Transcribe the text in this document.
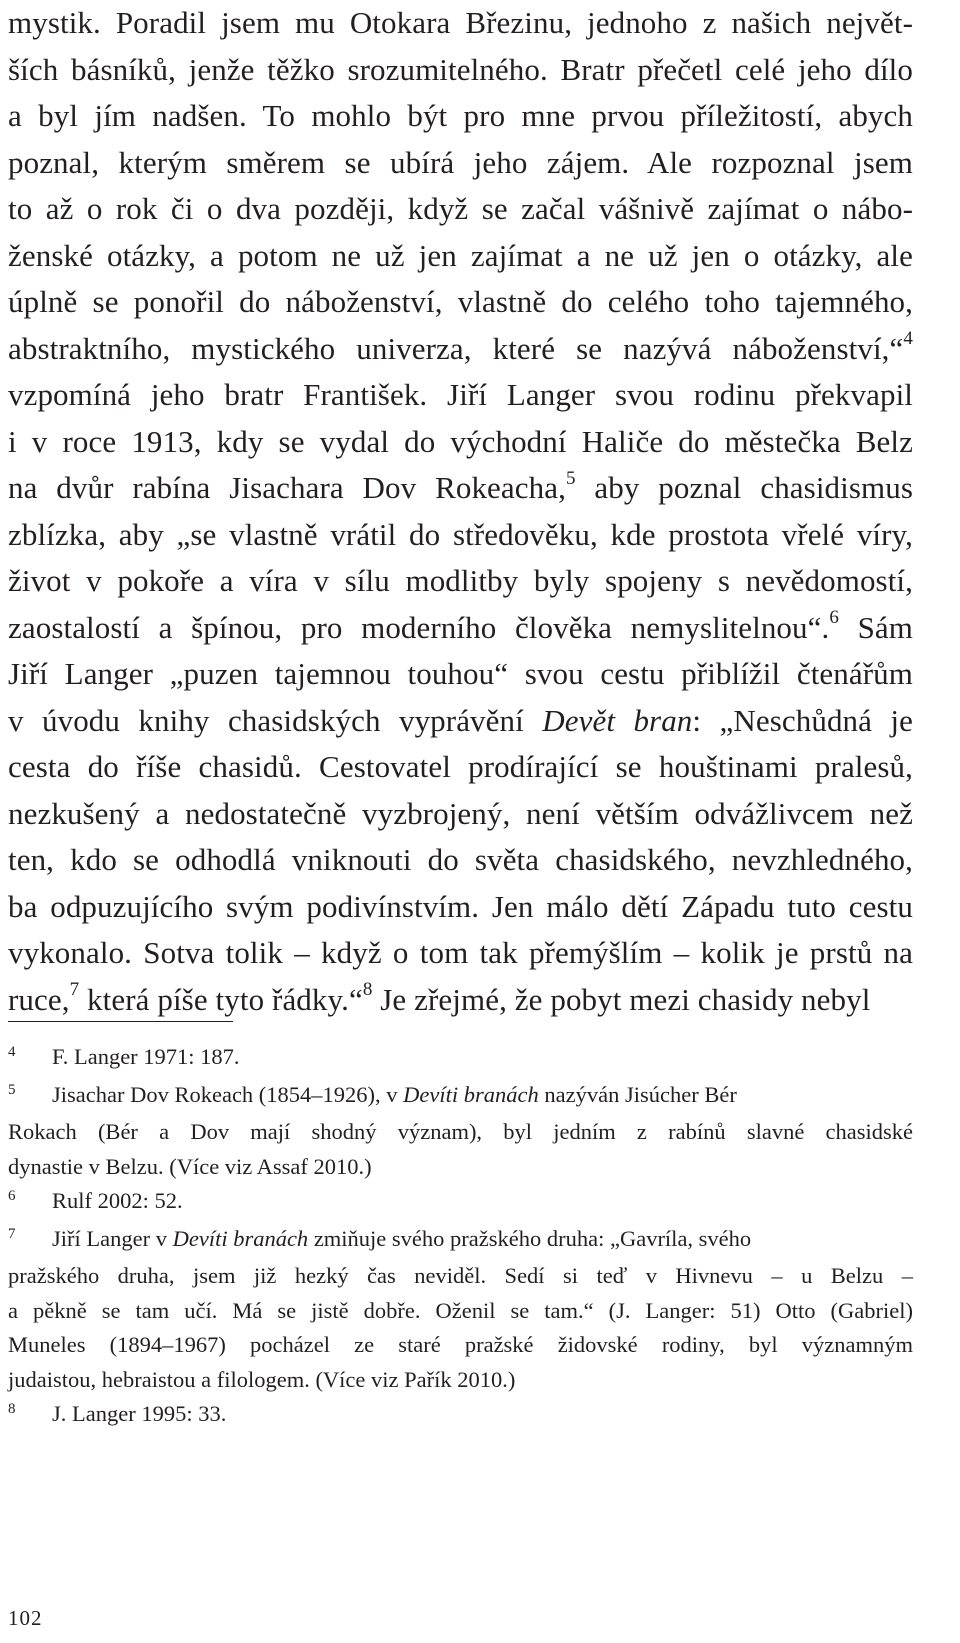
mystik. Poradil jsem mu Otokara Březinu, jednoho z našich největ-
ších básníků, jenže těžko srozumitelného. Bratr přečetl celé jeho dílo
a byl jím nadšen. To mohlo být pro mne prvou příležitostí, abych
poznal, kterým směrem se ubírá jeho zájem. Ale rozpoznal jsem
to až o rok či o dva později, když se začal vášnivě zajímat o nábo-
ženské otázky, a potom ne už jen zajímat a ne už jen o otázky, ale
úplně se ponořil do náboženství, vlastně do celého toho tajemného,
abstraktního, mystického univerza, které se nazývá náboženství,“$^4$
vzpomíná jeho bratr František. Jiří Langer svou rodinu překvapil
i v roce 1913, kdy se vydal do východní Haliče do městečka Belz
na dvůr rabína Jisachara Dov Rokeacha,$^5$ aby poznal chasidismus
zblízka, aby „se vlastně vrátil do středověku, kde prostota vřelé víry,
život v pokoře a víra v sílu modlitby byly spojeny s nevědomostí,
zaostalostí a špínou, pro moderního člověka nemyslitelnou“.$^6$ Sám
Jiří Langer „puzen tajemnou touhou“ svou cestu přiblížil čtenářům
v úvodu knihy chasidských vyprávění Devět bran: „Neschůdná je
cesta do říše chasidů. Cestovatel prodírající se houštinami pralesů,
nezkušený a nedostatečně vyzbrojený, není větším odvážlivcem než
ten, kdo se odhodlá vniknouti do světa chasidského, nevzhledného,
ba odpuzujícího svým podivínstvím. Jen málo dětí Západu tuto cestu
vykonalo. Sotva tolik – když o tom tak přemýšlím – kolik je prstů na
ruce,$^7$ která píše tyto řádky.“$^8$ Je zřejmé, že pobyt mezi chasidy nebyl

4 F. Langer 1971: 187.
5 Jisachar Dov Rokeach (1854–1926), v Devíti branách nazýván Jisúcher Bér
Rokach (Bér a Dov mají shodný význam), byl jedním z rabínů slavné chasidské
dynastie v Belzu. (Více viz Assaf 2010.)
6 Rulf 2002: 52.
7 Jiří Langer v Devíti branách zmiňuje svého pražského druha: „Gavríla, svého
pražského druha, jsem již hezký čas neviděl. Sedí si teď v Hivnevu – u Belzu –
a pěkně se tam učí. Má se jistě dobře. Oženil se tam.“ (J. Langer: 51) Otto (Gabriel)
Muneles (1894–1967) pocházel ze staré pražské židovské rodiny, byl významným
judaistou, hebraistou a filologem. (Více viz Pařík 2010.)
8 J. Langer 1995: 33.
102
